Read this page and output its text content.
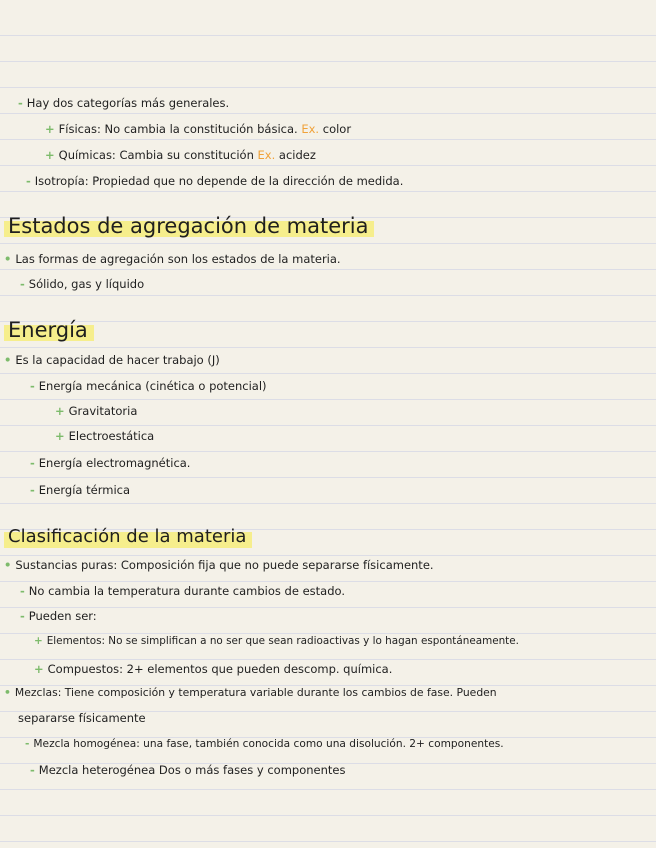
- Hay dos categorías más generales.
+ Físicas: No cambia la constitución básica. Ex. color
+ Químicas: Cambia su constitución Ex. acidez
- Isotropía: Propiedad que no depende de la dirección de medida.
Estados de agregación de materia
• Las formas de agregación son los estados de la materia.
- Sólido, gas y líquido
Energía
• Es la capacidad de hacer trabajo (J)
- Energía mecánica (cinética o potencial)
+ Gravitatoria
+ Electroestática
- Energía electromagnética.
- Energía térmica
Clasificación de la materia
• Sustancias puras: Composición fija que no puede separarse físicamente.
- No cambia la temperatura durante cambios de estado.
- Pueden ser:
+ Elementos: No se simplifican a no ser que sean radioactivas y lo hagan espontáneamente.
+ Compuestos: 2+ elementos que pueden descomp. química.
• Mezclas: Tiene composición y temperatura variable durante los cambios de fase. Pueden
separarse físicamente
- Mezcla homogénea: una fase, también conocida como una disolución. 2+ componentes.
- Mezcla heterogénea Dos o más fases y componentes
